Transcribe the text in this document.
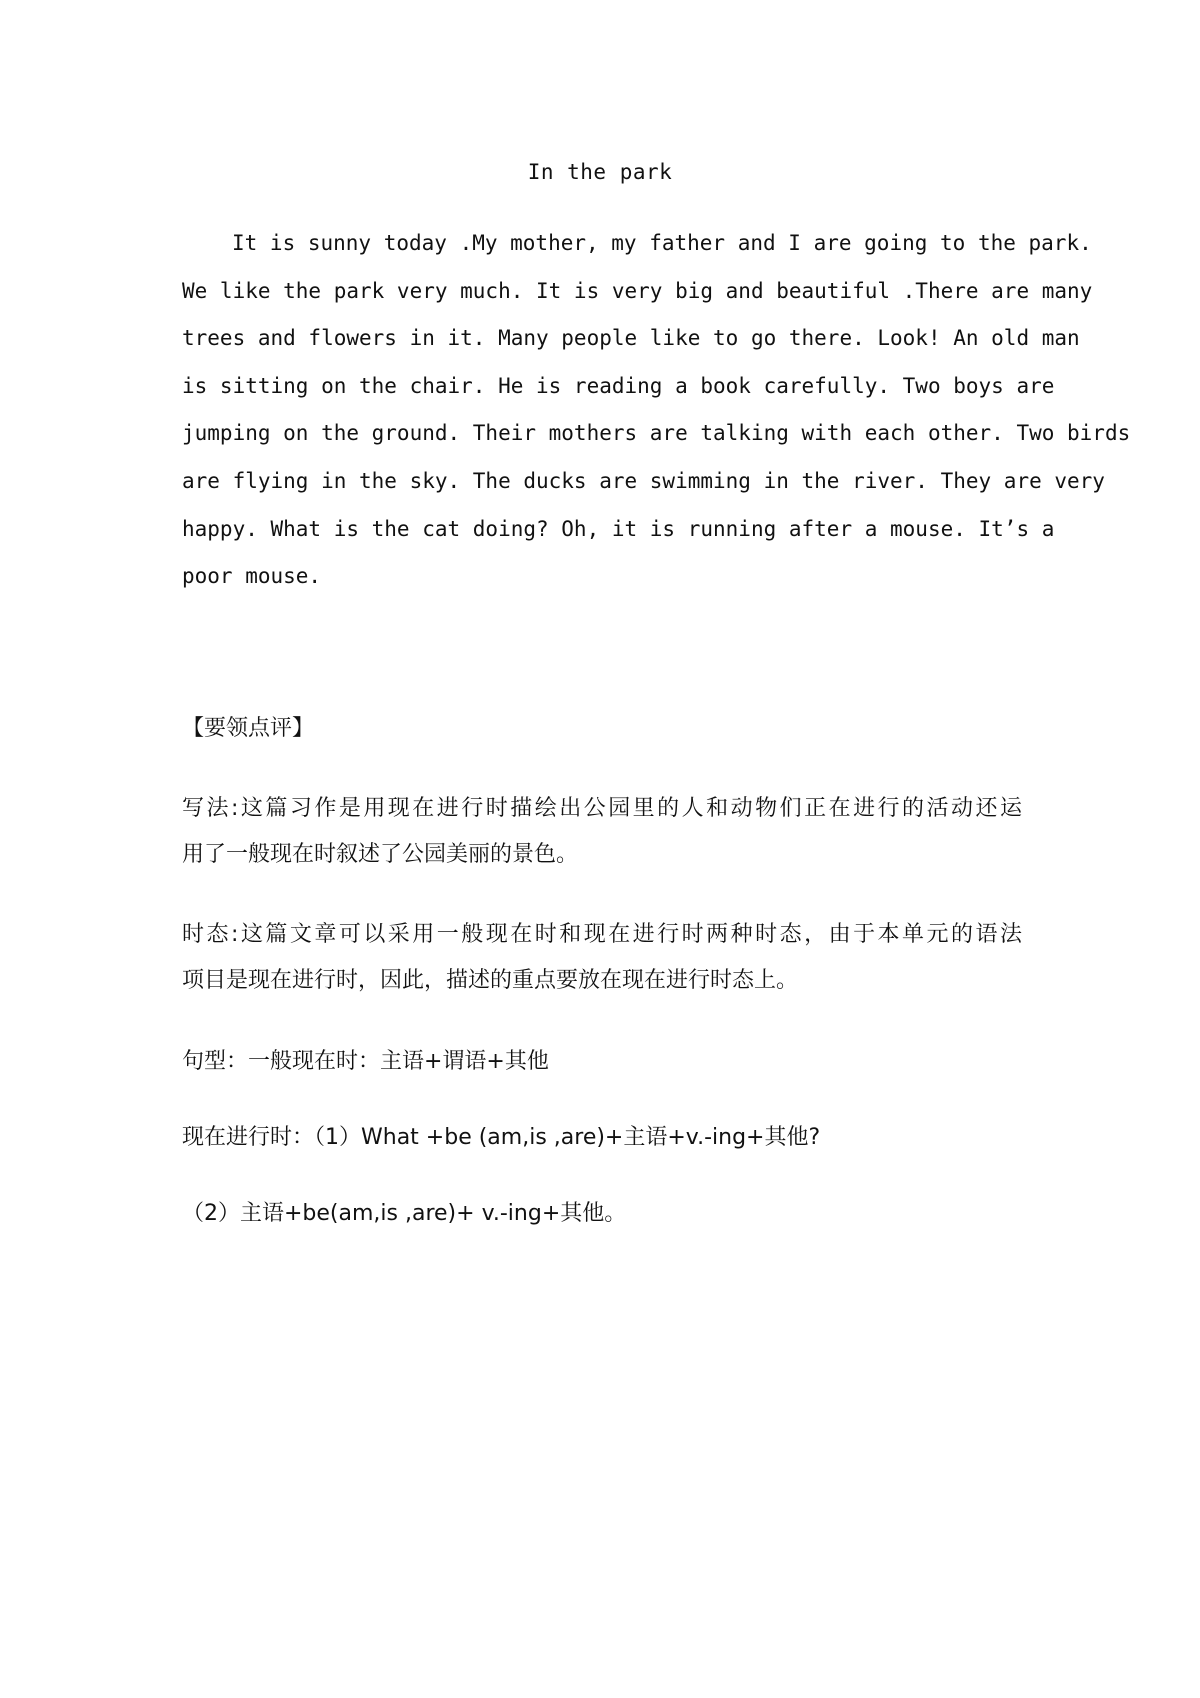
In the park
It is sunny today .My mother, my father and I are going to the park.
We like the park very much. It is very big and beautiful .There are many
trees and flowers in it. Many people like to go there. Look! An old man
is sitting on the chair. He is reading a book carefully. Two boys are
jumping on the ground. Their mothers are talking with each other. Two birds
are flying in the sky. The ducks are swimming in the river. They are very
happy. What is the cat doing? Oh, it is running after a mouse. It’s a
poor mouse.
【要领点评】
写法:这篇习作是用现在进行时描绘出公园里的人和动物们正在进行的活动还运
用了一般现在时叙述了公园美丽的景色。
时态:这篇文章可以采用一般现在时和现在进行时两种时态，由于本单元的语法
项目是现在进行时，因此，描述的重点要放在现在进行时态上。
句型：一般现在时：主语+谓语+其他
现在进行时：（1）What +be (am,is ,are)+主语+v.-ing+其他?
（2）主语+be(am,is ,are)+ v.-ing+其他。
